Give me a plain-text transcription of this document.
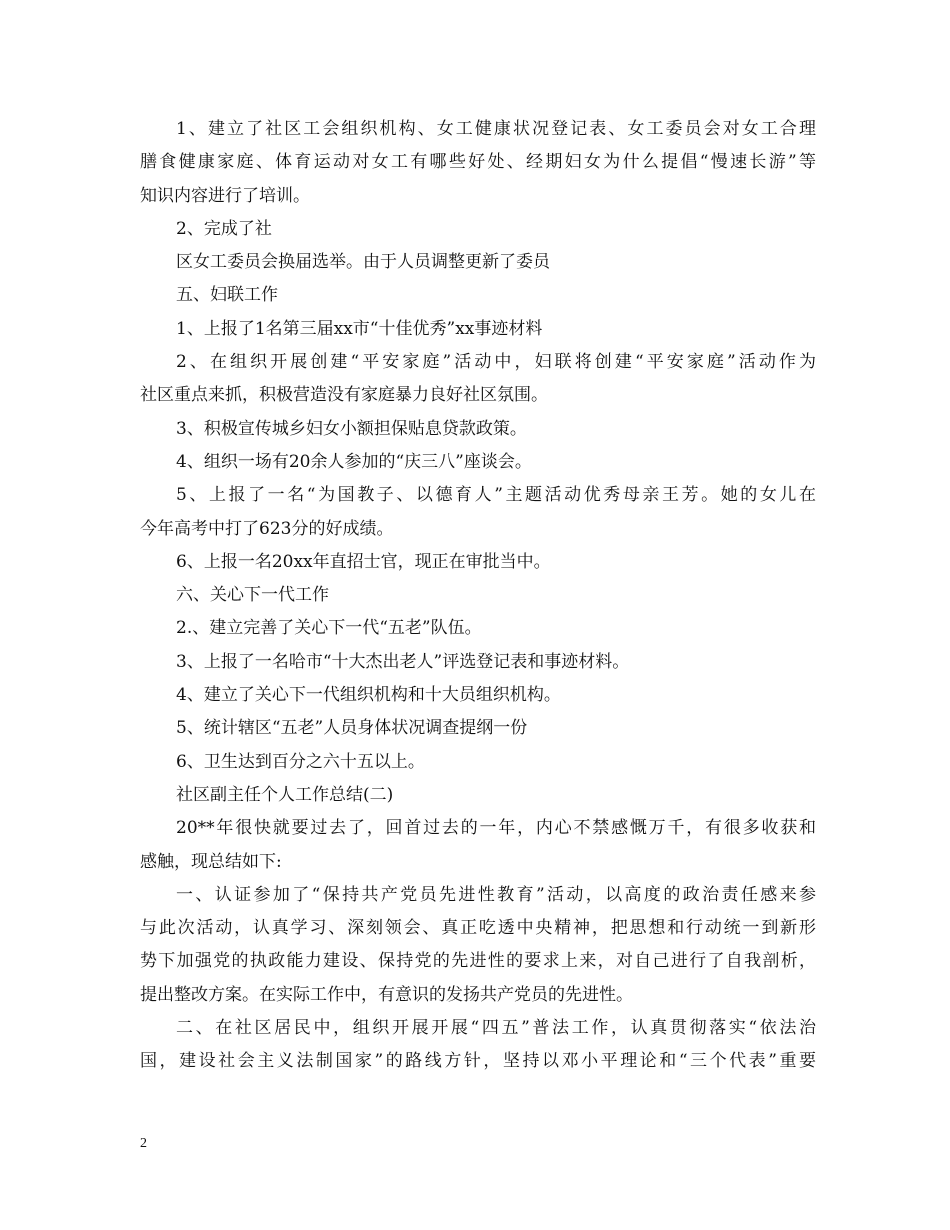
1、建立了社区工会组织机构、女工健康状况登记表、女工委员会对女工合理
膳食健康家庭、体育运动对女工有哪些好处、经期妇女为什么提倡“慢速长游”等
知识内容进行了培训。
2、完成了社
区女工委员会换届选举。由于人员调整更新了委员
五、妇联工作
1、上报了1名第三届xx市“十佳优秀”xx事迹材料
2、在组织开展创建“平安家庭”活动中，妇联将创建“平安家庭”活动作为
社区重点来抓，积极营造没有家庭暴力良好社区氛围。
3、积极宣传城乡妇女小额担保贴息贷款政策。
4、组织一场有20余人参加的“庆三八”座谈会。
5、上报了一名“为国教子、以德育人”主题活动优秀母亲王芳。她的女儿在
今年高考中打了623分的好成绩。
6、上报一名20xx年直招士官，现正在审批当中。
六、关心下一代工作
2.、建立完善了关心下一代“五老”队伍。
3、上报了一名哈市“十大杰出老人”评选登记表和事迹材料。
4、建立了关心下一代组织机构和十大员组织机构。
5、统计辖区“五老”人员身体状况调查提纲一份
6、卫生达到百分之六十五以上。
社区副主任个人工作总结(二)
20**年很快就要过去了，回首过去的一年，内心不禁感慨万千，有很多收获和
感触，现总结如下:
一、认证参加了“保持共产党员先进性教育”活动，以高度的政治责任感来参
与此次活动，认真学习、深刻领会、真正吃透中央精神，把思想和行动统一到新形
势下加强党的执政能力建设、保持党的先进性的要求上来，对自己进行了自我剖析，
提出整改方案。在实际工作中，有意识的发扬共产党员的先进性。
二、在社区居民中，组织开展开展“四五”普法工作，认真贯彻落实“依法治
国，建设社会主义法制国家”的路线方针，坚持以邓小平理论和“三个代表”重要
2
